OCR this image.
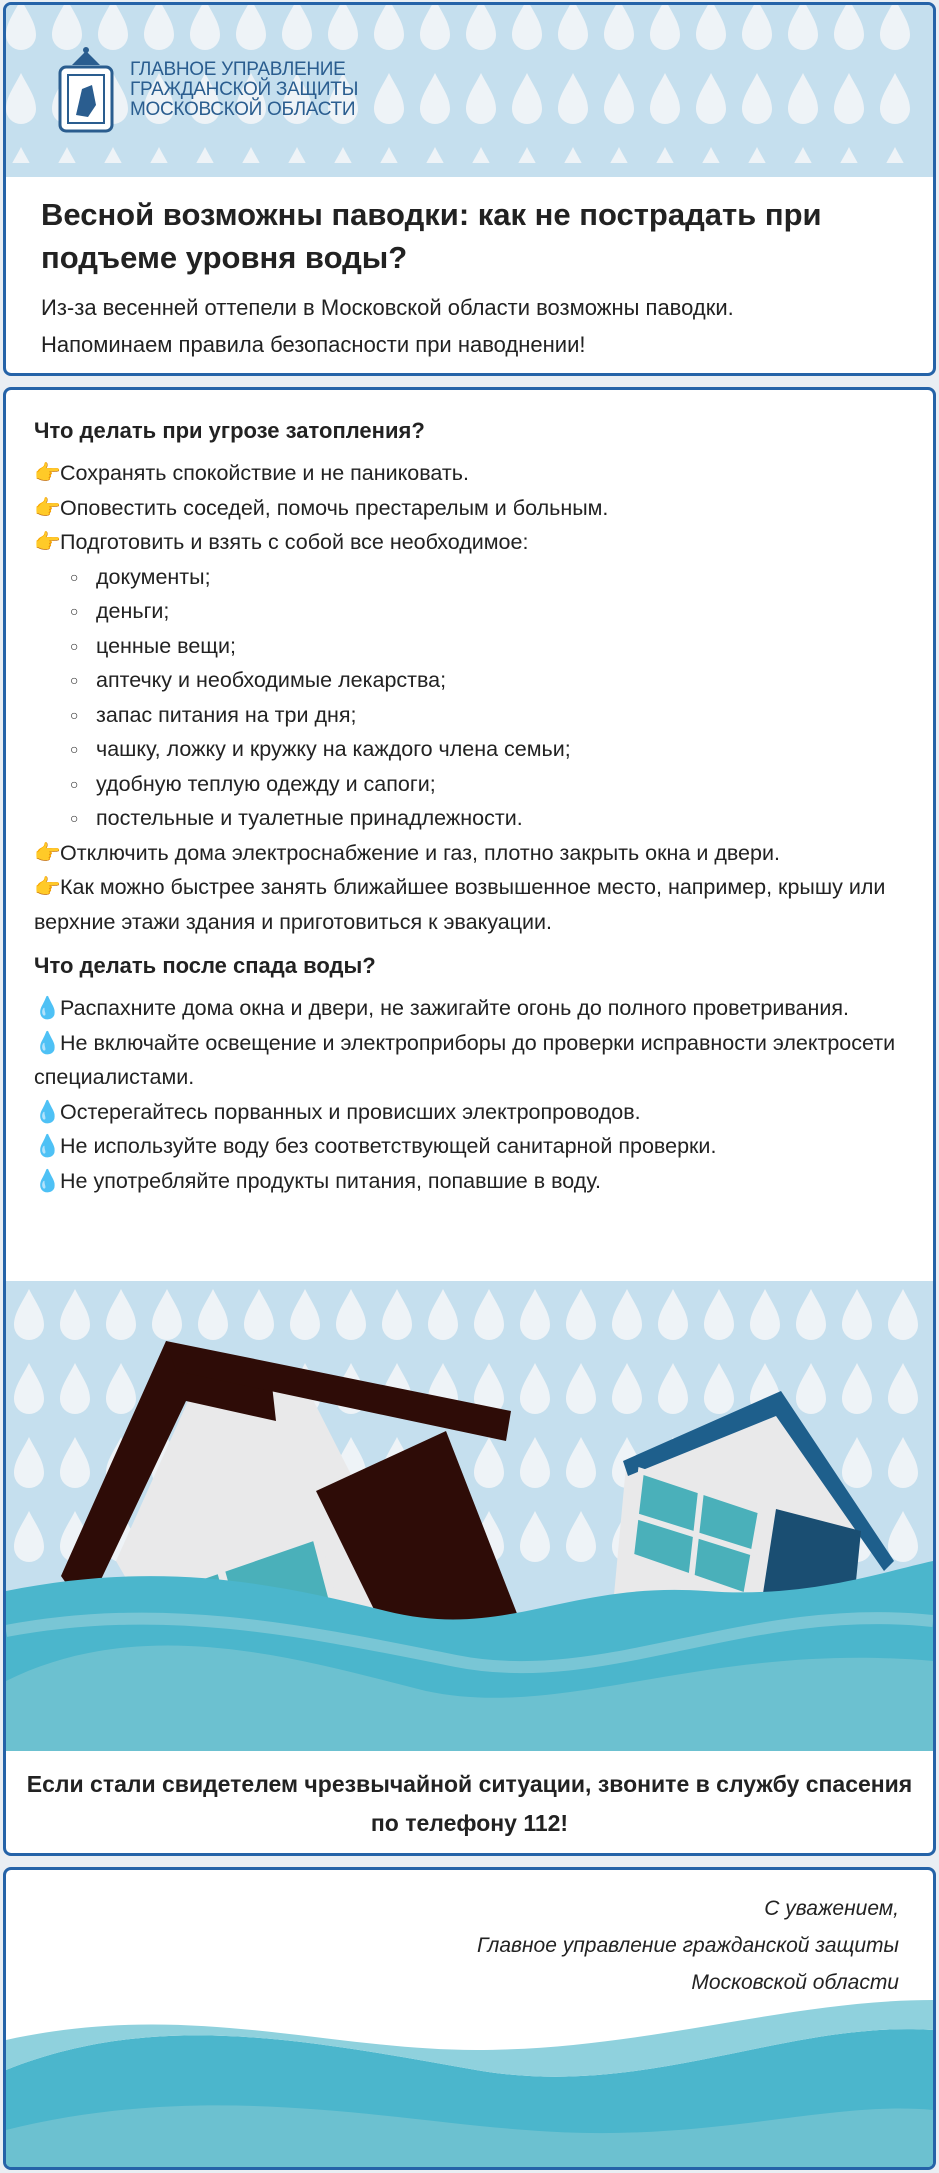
ГЛАВНОЕ УПРАВЛЕНИЕ
ГРАЖДАНСКОЙ ЗАЩИТЫ
МОСКОВСКОЙ ОБЛАСТИ
Весной возможны паводки: как не пострадать при подъеме уровня воды?
Из-за весенней оттепели в Московской области возможны паводки.
Напоминаем правила безопасности при наводнении!
Что делать при угрозе затопления?
👉Сохранять спокойствие и не паниковать.
👉Оповестить соседей, помочь престарелым и больным.
👉Подготовить и взять с собой все необходимое:
○ документы;
○ деньги;
○ ценные вещи;
○ аптечку и необходимые лекарства;
○ запас питания на три дня;
○ чашку, ложку и кружку на каждого члена семьи;
○ удобную теплую одежду и сапоги;
○ постельные и туалетные принадлежности.
👉Отключить дома электроснабжение и газ, плотно закрыть окна и двери.
👉Как можно быстрее занять ближайшее возвышенное место, например, крышу или верхние этажи здания и приготовиться к эвакуации.
Что делать после спада воды?
💧Распахните дома окна и двери, не зажигайте огонь до полного проветривания.
💧Не включайте освещение и электроприборы до проверки исправности электросети специалистами.
💧Остерегайтесь порванных и провисших электропроводов.
💧Не используйте воду без соответствующей санитарной проверки.
💧Не употребляйте продукты питания, попавшие в воду.
Если стали свидетелем чрезвычайной ситуации, звоните в службу спасения по телефону 112!
С уважением,
Главное управление гражданской защиты
Московской области
